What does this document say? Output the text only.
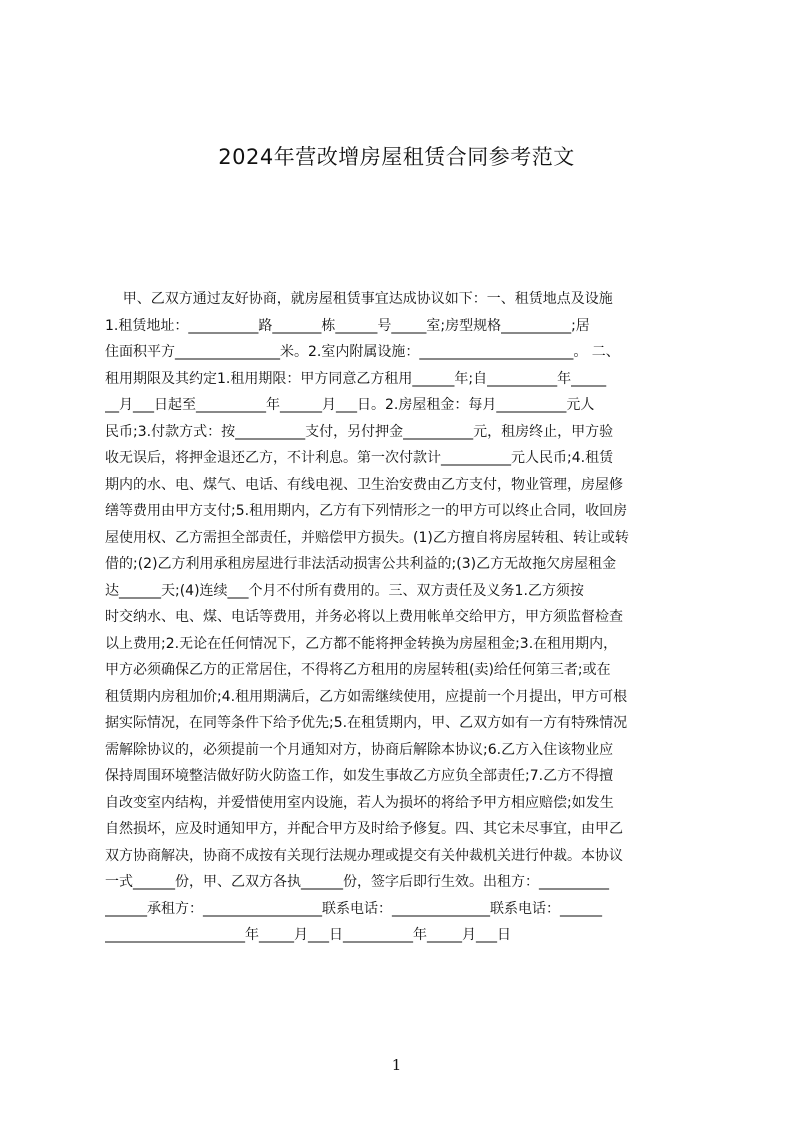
2024年营改增房屋租赁合同参考范文
甲、乙双方通过友好协商，就房屋租赁事宜达成协议如下：一、租赁地点及设施
1.租赁地址：__________路_______栋______号_____室;房型规格__________;居
住面积平方_______________米。2.室内附属设施：______________________。 二、
租用期限及其约定1.租用期限：甲方同意乙方租用______年;自__________年_____
__月___日起至__________年______月___日。2.房屋租金：每月__________元人
民币;3.付款方式：按__________支付，另付押金__________元，租房终止，甲方验
收无误后，将押金退还乙方，不计利息。第一次付款计__________元人民币;4.租赁
期内的水、电、煤气、电话、有线电视、卫生治安费由乙方支付，物业管理，房屋修
缮等费用由甲方支付;5.租用期内，乙方有下列情形之一的甲方可以终止合同，收回房
屋使用权、乙方需担全部责任，并赔偿甲方损失。(1)乙方擅自将房屋转租、转让或转
借的;(2)乙方利用承租房屋进行非法活动损害公共利益的;(3)乙方无故拖欠房屋租金
达______天;(4)连续___个月不付所有费用的。三、双方责任及义务1.乙方须按
时交纳水、电、煤、电话等费用，并务必将以上费用帐单交给甲方，甲方须监督检查
以上费用;2.无论在任何情况下，乙方都不能将押金转换为房屋租金;3.在租用期内，
甲方必须确保乙方的正常居住，不得将乙方租用的房屋转租(卖)给任何第三者;或在
租赁期内房租加价;4.租用期满后，乙方如需继续使用，应提前一个月提出，甲方可根
据实际情况，在同等条件下给予优先;5.在租赁期内，甲、乙双方如有一方有特殊情况
需解除协议的，必须提前一个月通知对方，协商后解除本协议;6.乙方入住该物业应
保持周围环境整洁做好防火防盗工作，如发生事故乙方应负全部责任;7.乙方不得擅
自改变室内结构，并爱惜使用室内设施，若人为损坏的将给予甲方相应赔偿;如发生
自然损坏，应及时通知甲方，并配合甲方及时给予修复。四、其它未尽事宜，由甲乙
双方协商解决，协商不成按有关现行法规办理或提交有关仲裁机关进行仲裁。本协议
一式______份，甲、乙双方各执______份，签字后即行生效。出租方：__________
______承租方：_________________联系电话：______________联系电话：______
____________________年_____月___日__________年_____月___日
1
